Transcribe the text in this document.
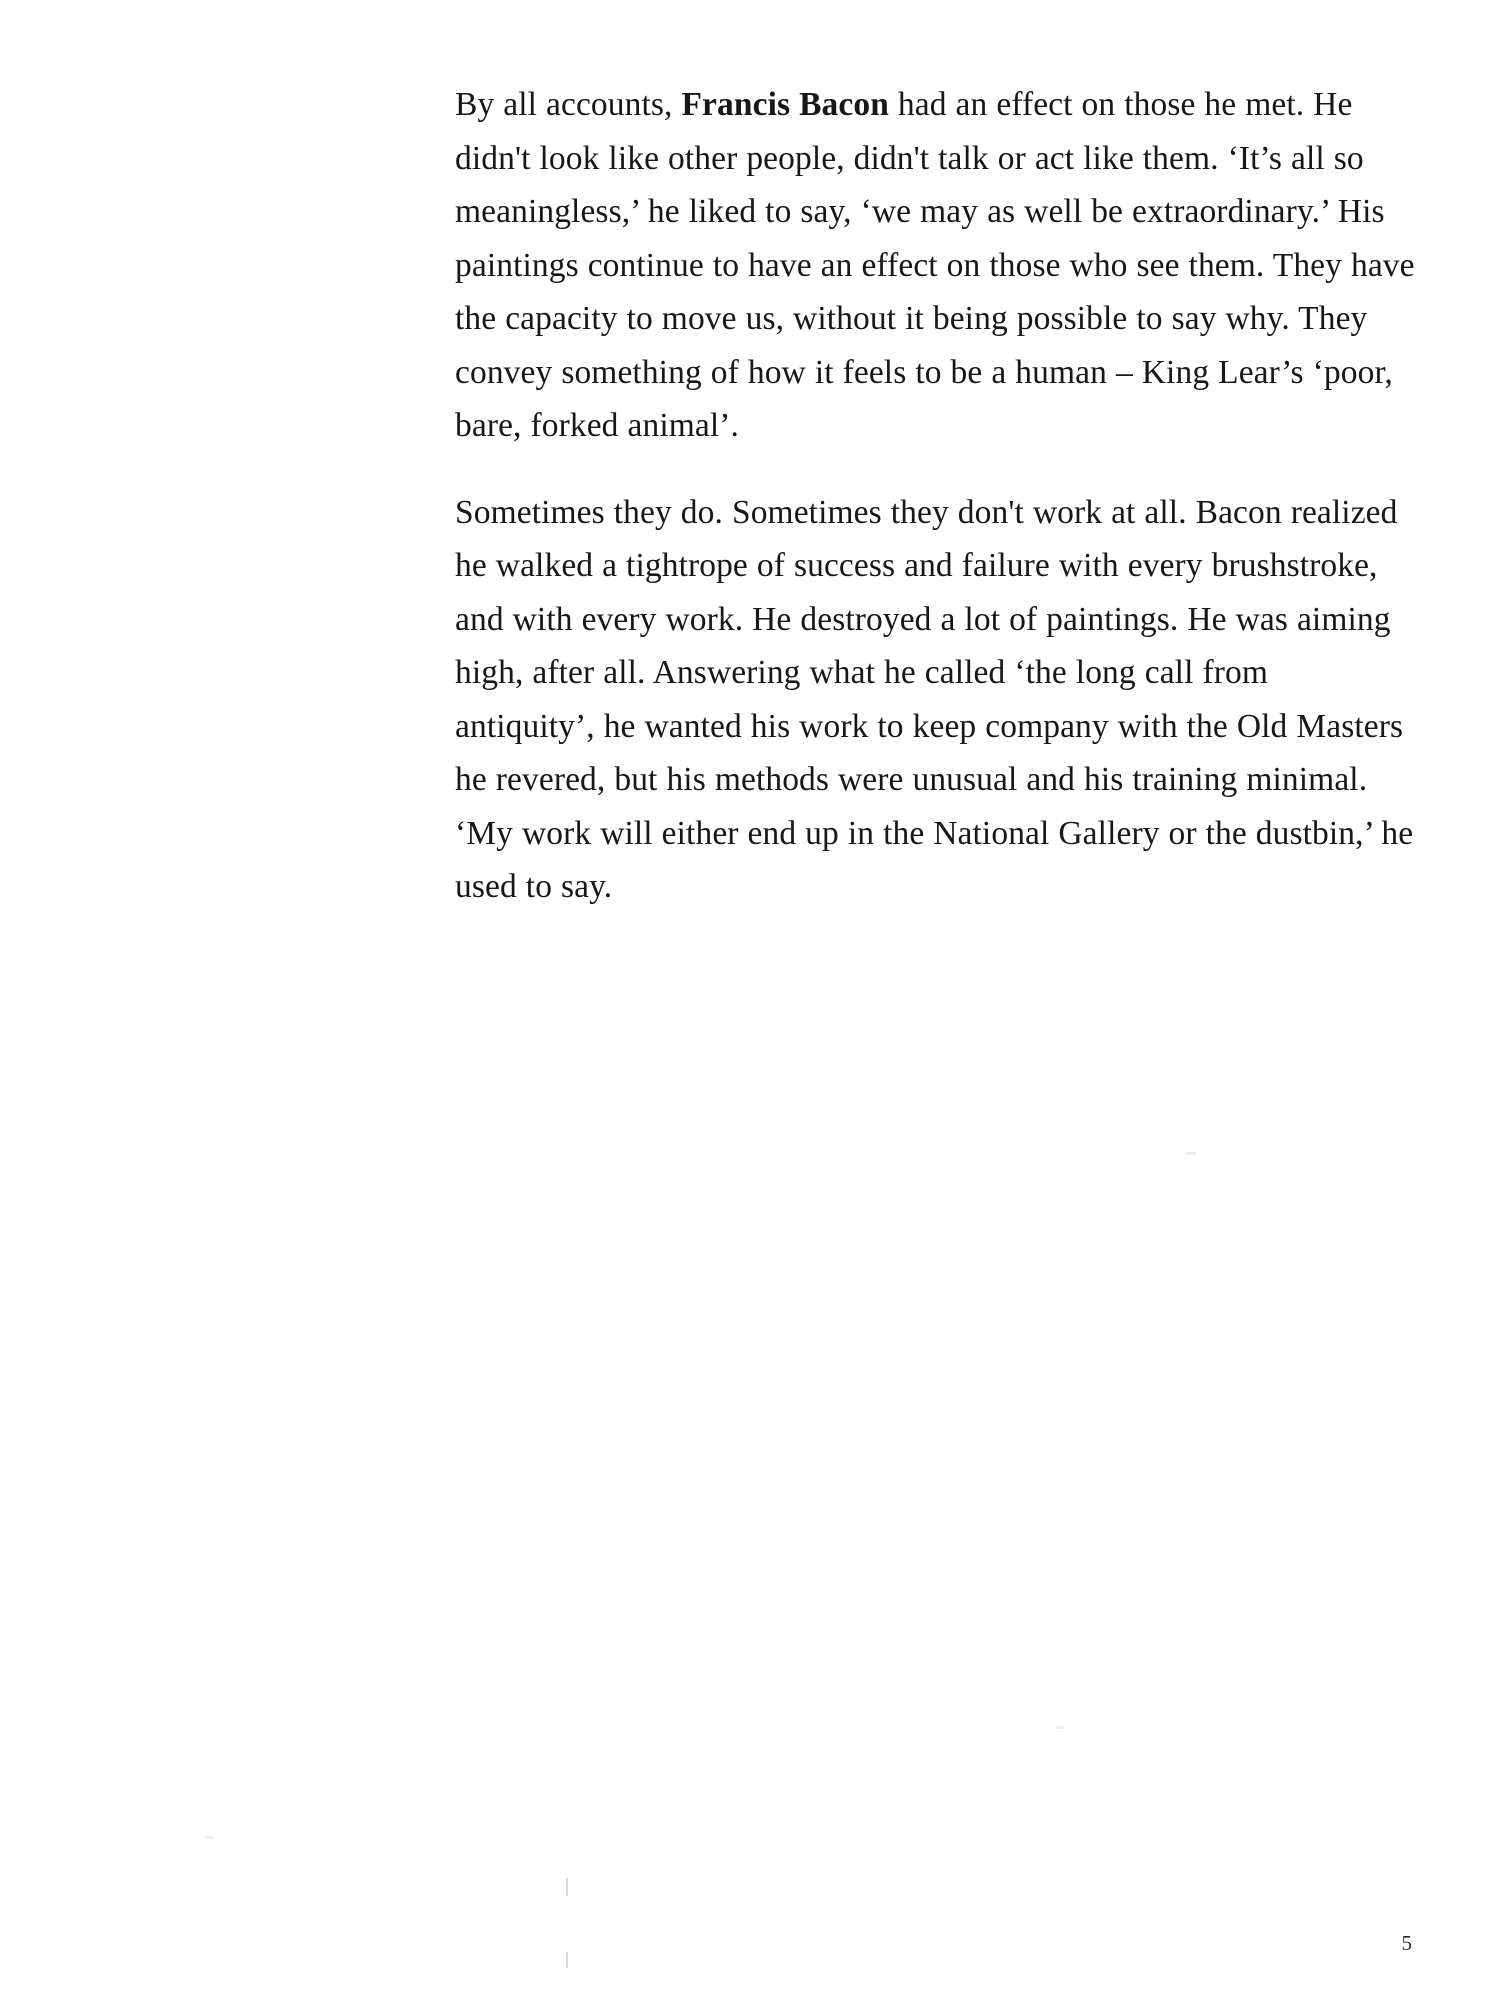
By all accounts, Francis Bacon had an effect on those he met. He didn't look like other people, didn't talk or act like them. ‘It’s all so meaningless,’ he liked to say, ‘we may as well be extraordinary.’ His paintings continue to have an effect on those who see them. They have the capacity to move us, without it being possible to say why. They convey something of how it feels to be a human – King Lear’s ‘poor, bare, forked animal’.

Sometimes they do. Sometimes they don't work at all. Bacon realized he walked a tightrope of success and failure with every brushstroke, and with every work. He destroyed a lot of paintings. He was aiming high, after all. Answering what he called ‘the long call from antiquity’, he wanted his work to keep company with the Old Masters he revered, but his methods were unusual and his training minimal. ‘My work will either end up in the National Gallery or the dustbin,’ he used to say.

5
